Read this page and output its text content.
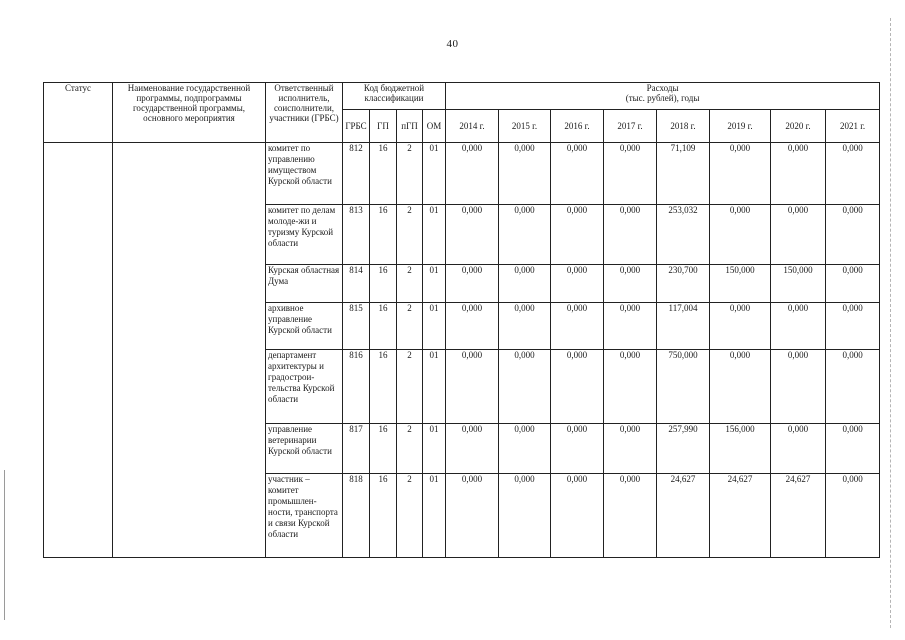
40
Статус	Наименование государственной программы, подпрограммы государственной программы, основного мероприятия	Ответственный исполнитель, соисполнители, участники (ГРБС)	Код бюджетной классификации				Расходы
(тыс. рублей), годы							

			ГРБС	ГП	пГП	ОМ	2014 г.	2015 г.	2016 г.	2017 г.	2018 г.	2019 г.	2020 г.	2021 г.
		комитет по управлению имуществом Курской области	812	16	2	01	0,000	0,000	0,000	0,000	71,109	0,000	0,000	0,000
		комитет по делам молоде-жи и туризму Курской области	813	16	2	01	0,000	0,000	0,000	0,000	253,032	0,000	0,000	0,000
		Курская областная Дума	814	16	2	01	0,000	0,000	0,000	0,000	230,700	150,000	150,000	0,000
		архивное управление Курской области	815	16	2	01	0,000	0,000	0,000	0,000	117,004	0,000	0,000	0,000
		департамент архитектуры и градострои-тельства Курской области	816	16	2	01	0,000	0,000	0,000	0,000	750,000	0,000	0,000	0,000
		управление ветеринарии Курской области	817	16	2	01	0,000	0,000	0,000	0,000	257,990	156,000	0,000	0,000
		участник – комитет промышлен-ности, транспорта и связи Курской области	818	16	2	01	0,000	0,000	0,000	0,000	24,627	24,627	24,627	0,000
